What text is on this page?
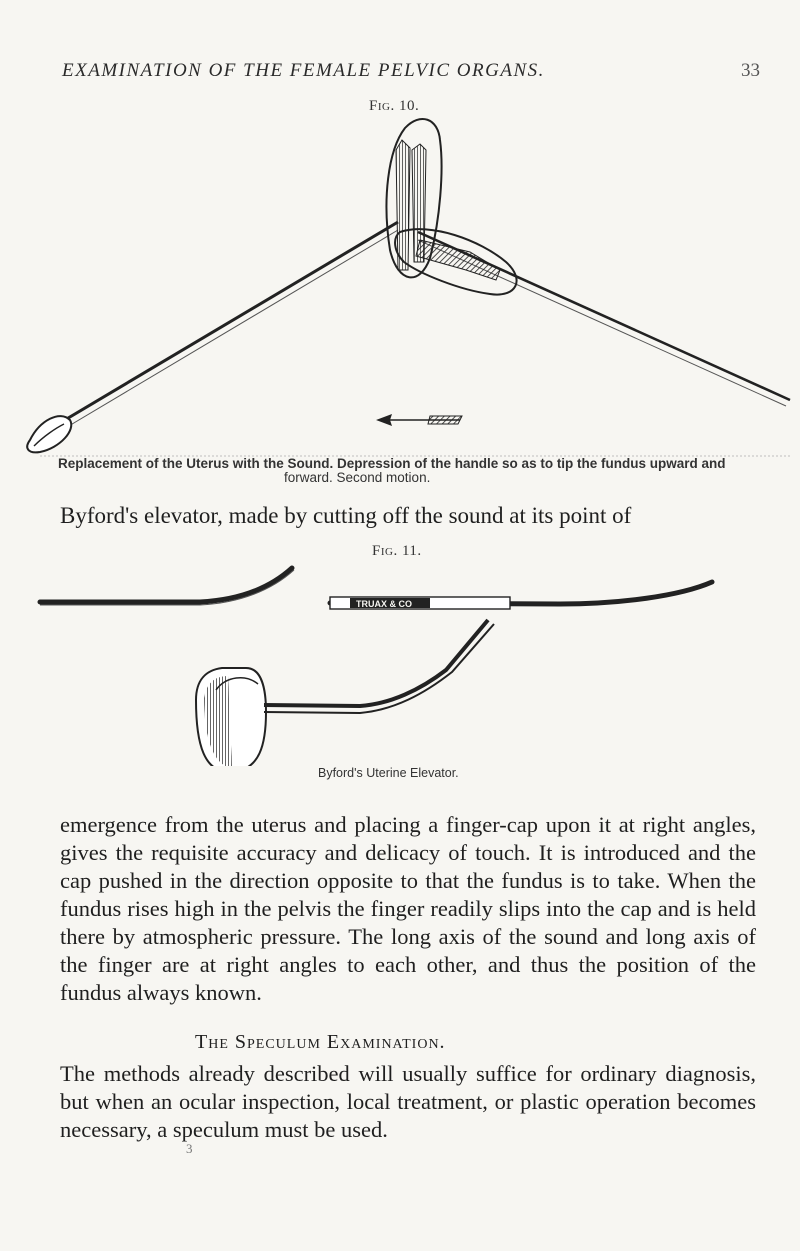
EXAMINATION OF THE FEMALE PELVIC ORGANS.	33
Fig. 10.
Replacement of the Uterus with the Sound. Depression of the handle so as to tip the fundus upward and
forward. Second motion.
Byford's elevator, made by cutting off the sound at its point of
Fig. 11.
TRUAX & CO
Byford's Uterine Elevator.

emergence from the uterus and placing a finger-cap upon it at right angles, gives the requisite accuracy and delicacy of touch. It is introduced and the cap pushed in the direction opposite to that the fundus is to take. When the fundus rises high in the pelvis the finger readily slips into the cap and is held there by atmospheric pressure. The long axis of the sound and long axis of the finger are at right angles to each other, and thus the position of the fundus always known.

The Speculum Examination.

The methods already described will usually suffice for ordinary diagnosis, but when an ocular inspection, local treatment, or plastic operation becomes necessary, a speculum must be used.

3
